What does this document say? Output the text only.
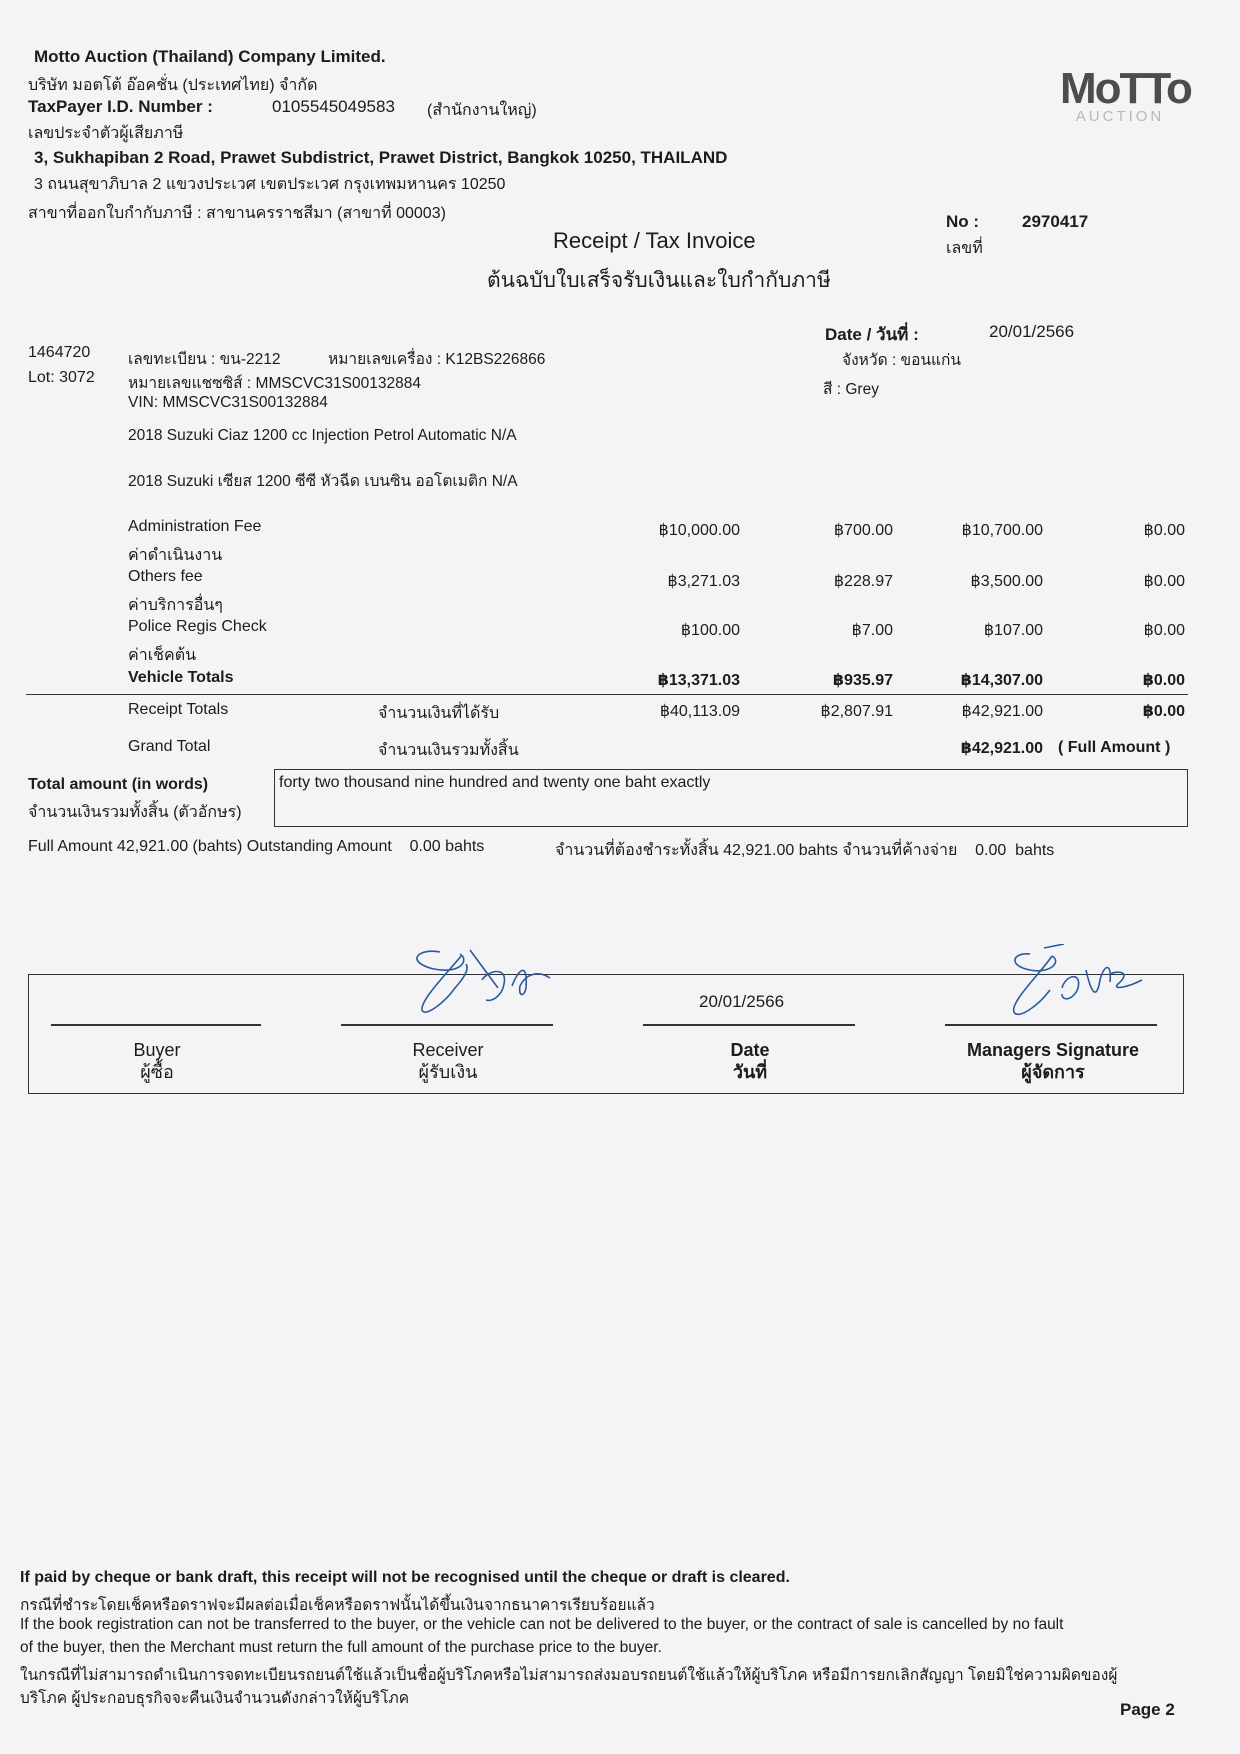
Motto Auction (Thailand) Company Limited.
บริษัท มอตโต้ อ๊อคชั่น (ประเทศไทย) จำกัด
TaxPayer I.D. Number :	0105545049583 (สำนักงานใหญ่)
เลขประจำตัวผู้เสียภาษี
3, Sukhapiban 2 Road, Prawet Subdistrict, Prawet District, Bangkok 10250, THAILAND
3 ถนนสุขาภิบาล 2 แขวงประเวศ เขตประเวศ กรุงเทพมหานคร 10250
สาขาที่ออกใบกำกับภาษี : สาขานครราชสีมา (สาขาที่ 00003)
MoTTo
AUCTION
Receipt / Tax Invoice
ต้นฉบับใบเสร็จรับเงินและใบกำกับภาษี
No :
เลขที่
2970417
Date / วันที่ :	20/01/2566
1464720
Lot: 3072
เลขทะเบียน : ขน-2212	หมายเลขเครื่อง : K12BS226866	จังหวัด : ขอนแก่น
หมายเลขแชซซิส์ : MMSCVC31S00132884	สี : Grey
VIN: MMSCVC31S00132884
2018 Suzuki Ciaz 1200 cc Injection Petrol Automatic N/A
2018 Suzuki เซียส 1200 ซีซี หัวฉีด เบนซิน ออโตเมติก N/A
Administration Fee
ค่าดำเนินงาน
฿10,000.00	฿700.00	฿10,700.00	฿0.00
Others fee
ค่าบริการอื่นๆ
฿3,271.03	฿228.97	฿3,500.00	฿0.00
Police Regis Check
ค่าเช็คต้น
฿100.00	฿7.00	฿107.00	฿0.00
Vehicle Totals	฿13,371.03	฿935.97	฿14,307.00	฿0.00
Receipt Totals	จำนวนเงินที่ได้รับ	฿40,113.09	฿2,807.91	฿42,921.00	฿0.00
Grand Total	จำนวนเงินรวมทั้งสิ้น	฿42,921.00 ( Full Amount )
Total amount (in words)
จำนวนเงินรวมทั้งสิ้น (ตัวอักษร)
forty two thousand nine hundred and twenty one baht exactly
Full Amount 42,921.00 (bahts) Outstanding Amount    0.00 bahts	จำนวนที่ต้องชำระทั้งสิ้น 42,921.00 bahts จำนวนที่ค้างจ่าย    0.00  bahts
20/01/2566
Buyer
ผู้ซื้อ
Receiver
ผู้รับเงิน
Date
วันที่
Managers Signature
ผู้จัดการ
If paid by cheque or bank draft, this receipt will not be recognised until the cheque or draft is cleared.
กรณีที่ชำระโดยเช็คหรือดราฟจะมีผลต่อเมื่อเช็คหรือดราฟนั้นได้ขึ้นเงินจากธนาคารเรียบร้อยแล้ว
If the book registration can not be transferred to the buyer, or the vehicle can not be delivered to the buyer, or the contract of sale is cancelled by no fault
of the buyer, then the Merchant must return the full amount of the purchase price to the buyer.
ในกรณีที่ไม่สามารถดำเนินการจดทะเบียนรถยนต์ใช้แล้วเป็นชื่อผู้บริโภคหรือไม่สามารถส่งมอบรถยนต์ใช้แล้วให้ผู้บริโภค หรือมีการยกเลิกสัญญา โดยมิใช่ความผิดของผู้
บริโภค ผู้ประกอบธุรกิจจะคืนเงินจำนวนดังกล่าวให้ผู้บริโภค
Page 2
